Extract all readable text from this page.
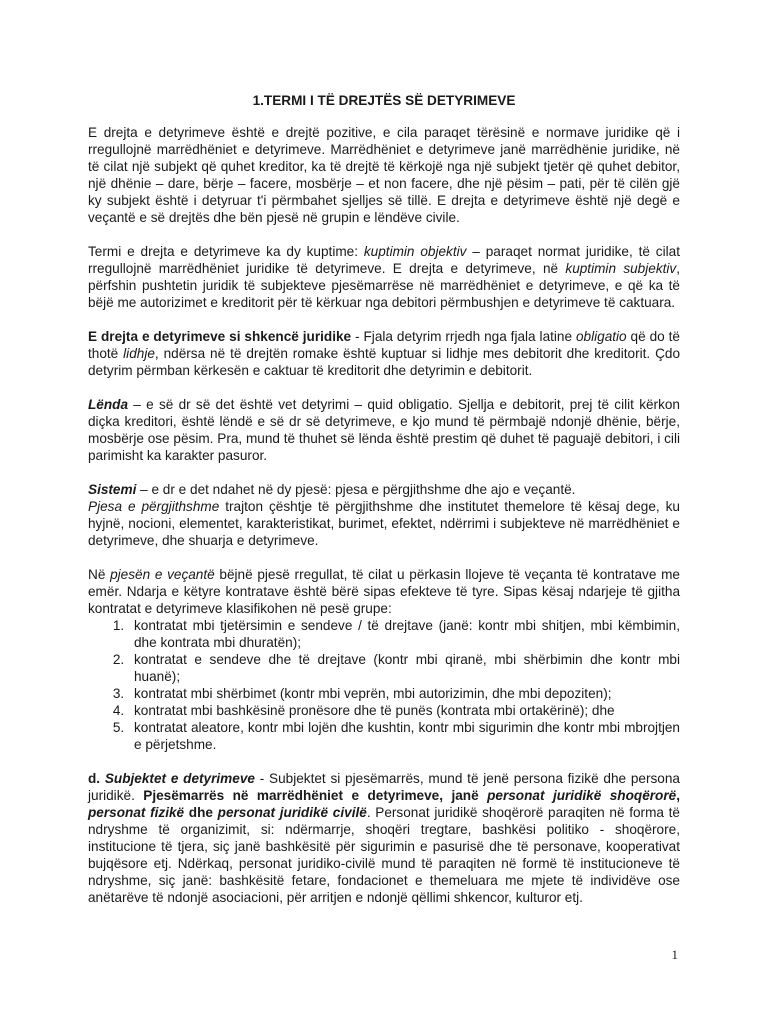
1.TERMI I TË DREJTËS SË DETYRIMEVE

E drejta e detyrimeve është e drejtë pozitive, e cila paraqet tërësinë e normave juridike që i rregullojnë marrëdhëniet e detyrimeve. Marrëdhëniet e detyrimeve janë marrëdhënie juridike, në të cilat një subjekt që quhet kreditor, ka të drejtë të kërkojë nga një subjekt tjetër që quhet debitor, një dhënie – dare, bërje – facere, mosbërje – et non facere, dhe një pësim – pati, për të cilën gjë ky subjekt është i detyruar t'i përmbahet sjelljes së tillë. E drejta e detyrimeve është një degë e veçantë e së drejtës dhe bën pjesë në grupin e lëndëve civile.

Termi e drejta e detyrimeve ka dy kuptime: kuptimin objektiv – paraqet normat juridike, të cilat rregullojnë marrëdhëniet juridike të detyrimeve. E drejta e detyrimeve, në kuptimin subjektiv, përfshin pushtetin juridik të subjekteve pjesëmarrëse në marrëdhëniet e detyrimeve, e që ka të bëjë me autorizimet e kreditorit për të kërkuar nga debitori përmbushjen e detyrimeve të caktuara.

E drejta e detyrimeve si shkencë juridike - Fjala detyrim rrjedh nga fjala latine obligatio që do të thotë lidhje, ndërsa në të drejtën romake është kuptuar si lidhje mes debitorit dhe kreditorit. Çdo detyrim përmban kërkesën e caktuar të kreditorit dhe detyrimin e debitorit.

Lënda – e së dr së det është vet detyrimi – quid obligatio. Sjellja e debitorit, prej të cilit kërkon diçka kreditori, është lëndë e së dr së detyrimeve, e kjo mund të përmbajë ndonjë dhënie, bërje, mosbërje ose pësim. Pra, mund të thuhet së lënda është prestim që duhet të paguajë debitori, i cili parimisht ka karakter pasuror.

Sistemi – e dr e det ndahet në dy pjesë: pjesa e përgjithshme dhe ajo e veçantë.
Pjesa e përgjithshme trajton çështje të përgjithshme dhe institutet themelore të kësaj dege, ku hyjnë, nocioni, elementet, karakteristikat, burimet, efektet, ndërrimi i subjekteve në marrëdhëniet e detyrimeve, dhe shuarja e detyrimeve.

Në pjesën e veçantë bëjnë pjesë rregullat, të cilat u përkasin llojeve të veçanta të kontratave me emër. Ndarja e këtyre kontratave është bërë sipas efekteve të tyre. Sipas kësaj ndarjeje të gjitha kontratat e detyrimeve klasifikohen në pesë grupe:

1. kontratat mbi tjetërsimin e sendeve / të drejtave (janë: kontr mbi shitjen, mbi këmbimin, dhe kontrata mbi dhuratën);
2. kontratat e sendeve dhe të drejtave (kontr mbi qiranë, mbi shërbimin dhe kontr mbi huanë);
3. kontratat mbi shërbimet (kontr mbi veprën, mbi autorizimin, dhe mbi depoziten);
4. kontratat mbi bashkësinë pronësore dhe të punës (kontrata mbi ortakërinë); dhe
5. kontratat aleatore, kontr mbi lojën dhe kushtin, kontr mbi sigurimin dhe kontr mbi mbrojtjen e përjetshme.

d. Subjektet e detyrimeve - Subjektet si pjesëmarrës, mund të jenë persona fizikë dhe persona juridikë. Pjesëmarrës në marrëdhëniet e detyrimeve, janë personat juridikë shoqërorë, personat fizikë dhe personat juridikë civilë. Personat juridikë shoqërorë paraqiten në forma të ndryshme të organizimit, si: ndërmarrje, shoqëri tregtare, bashkësi politiko - shoqërore, institucione të tjera, siç janë bashkësitë për sigurimin e pasurisë dhe të personave, kooperativat bujqësore etj. Ndërkaq, personat juridiko-civilë mund të paraqiten në formë të institucioneve të ndryshme, siç janë: bashkësitë fetare, fondacionet e themeluara me mjete të individëve ose anëtarëve të ndonjë asociacioni, për arritjen e ndonjë qëllimi shkencor, kulturor etj.

1
